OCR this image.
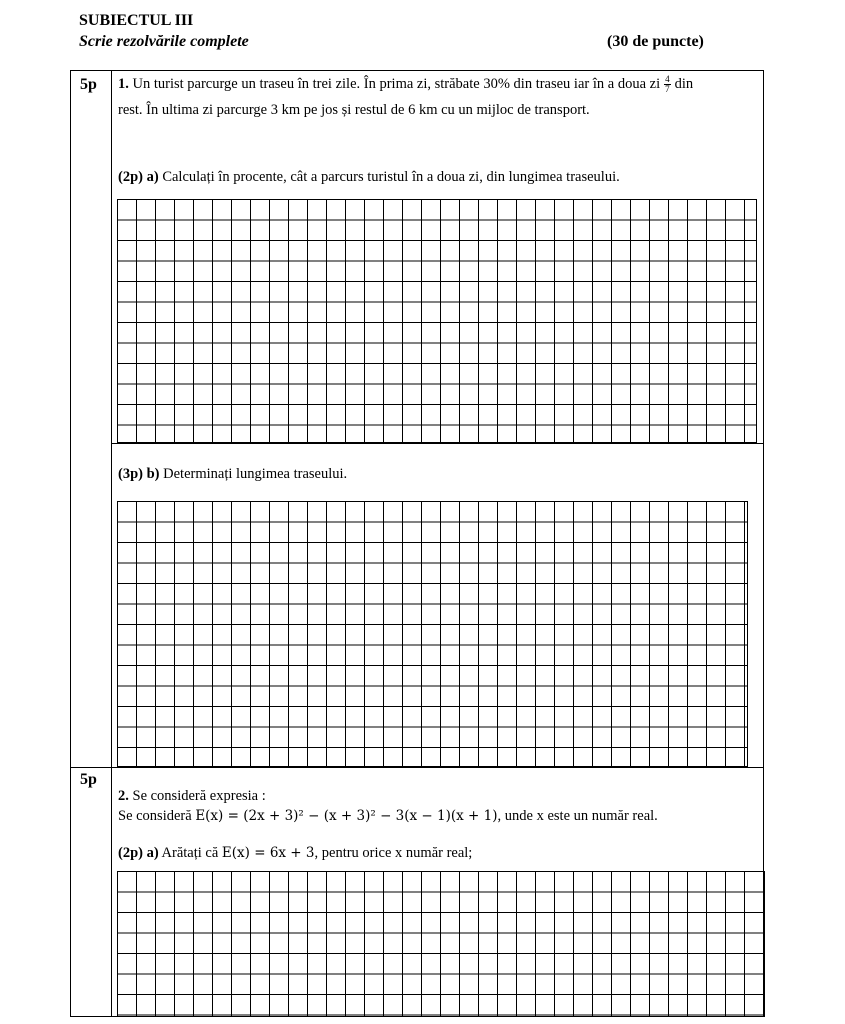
SUBIECTUL III
Scrie rezolvările complete	(30 de puncte)
5p 1. Un turist parcurge un traseu în trei zile. În prima zi, străbate 30% din traseu iar în a doua zi $\frac{4}{7}$ din
rest. În ultima zi parcurge 3 km pe jos și restul de 6 km cu un mijloc de transport.
(2p) a) Calculați în procente, cât a parcurs turistul în a doua zi, din lungimea traseului.
(3p) b) Determinați lungimea traseului.
5p
2. Se consideră expresia :
Se consideră E(x) = (2x + 3)² − (x + 3)² − 3(x − 1)(x + 1), unde x este un număr real.
(2p) a) Arătați că E(x) = 6x + 3, pentru orice x număr real;
